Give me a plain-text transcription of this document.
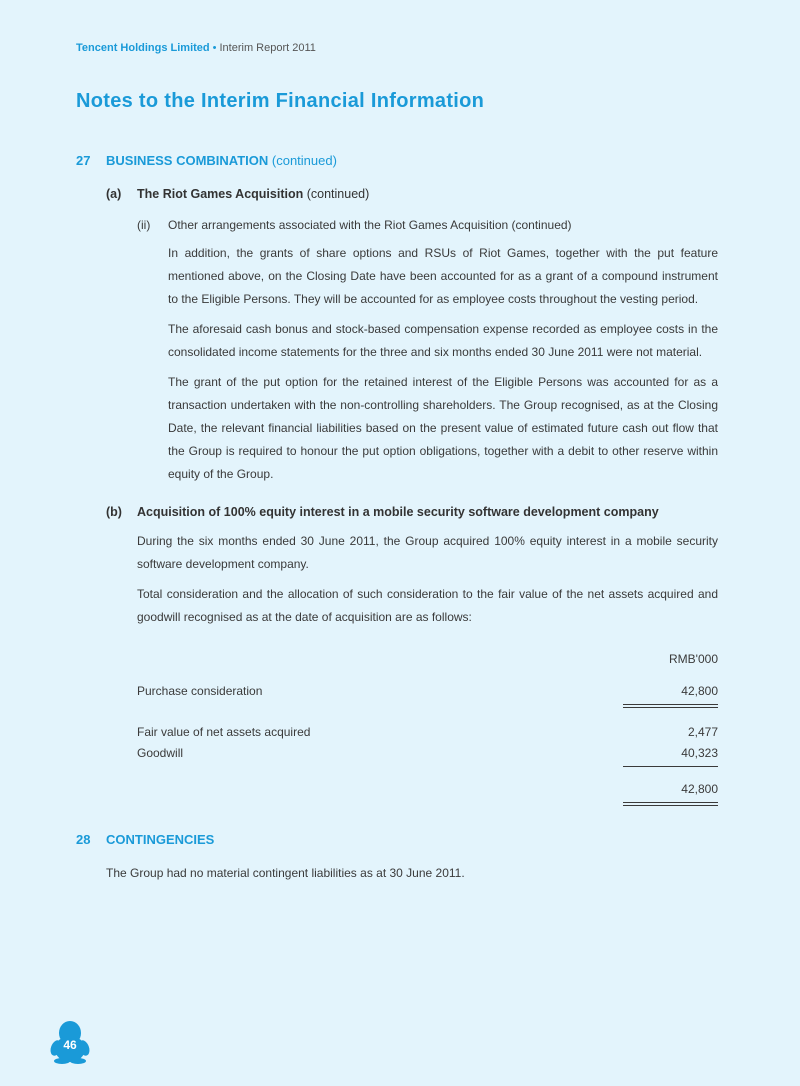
Tencent Holdings Limited • Interim Report 2011
Notes to the Interim Financial Information
27 BUSINESS COMBINATION (continued)
(a) The Riot Games Acquisition (continued)
(ii) Other arrangements associated with the Riot Games Acquisition (continued)
In addition, the grants of share options and RSUs of Riot Games, together with the put feature mentioned above, on the Closing Date have been accounted for as a grant of a compound instrument to the Eligible Persons. They will be accounted for as employee costs throughout the vesting period.
The aforesaid cash bonus and stock-based compensation expense recorded as employee costs in the consolidated income statements for the three and six months ended 30 June 2011 were not material.
The grant of the put option for the retained interest of the Eligible Persons was accounted for as a transaction undertaken with the non-controlling shareholders. The Group recognised, as at the Closing Date, the relevant financial liabilities based on the present value of estimated future cash out flow that the Group is required to honour the put option obligations, together with a debit to other reserve within equity of the Group.
(b) Acquisition of 100% equity interest in a mobile security software development company
During the six months ended 30 June 2011, the Group acquired 100% equity interest in a mobile security software development company.
Total consideration and the allocation of such consideration to the fair value of the net assets acquired and goodwill recognised as at the date of acquisition are as follows:
RMB'000
Purchase consideration	42,800
Fair value of net assets acquired	2,477
Goodwill	40,323
42,800
28 CONTINGENCIES
The Group had no material contingent liabilities as at 30 June 2011.
46
